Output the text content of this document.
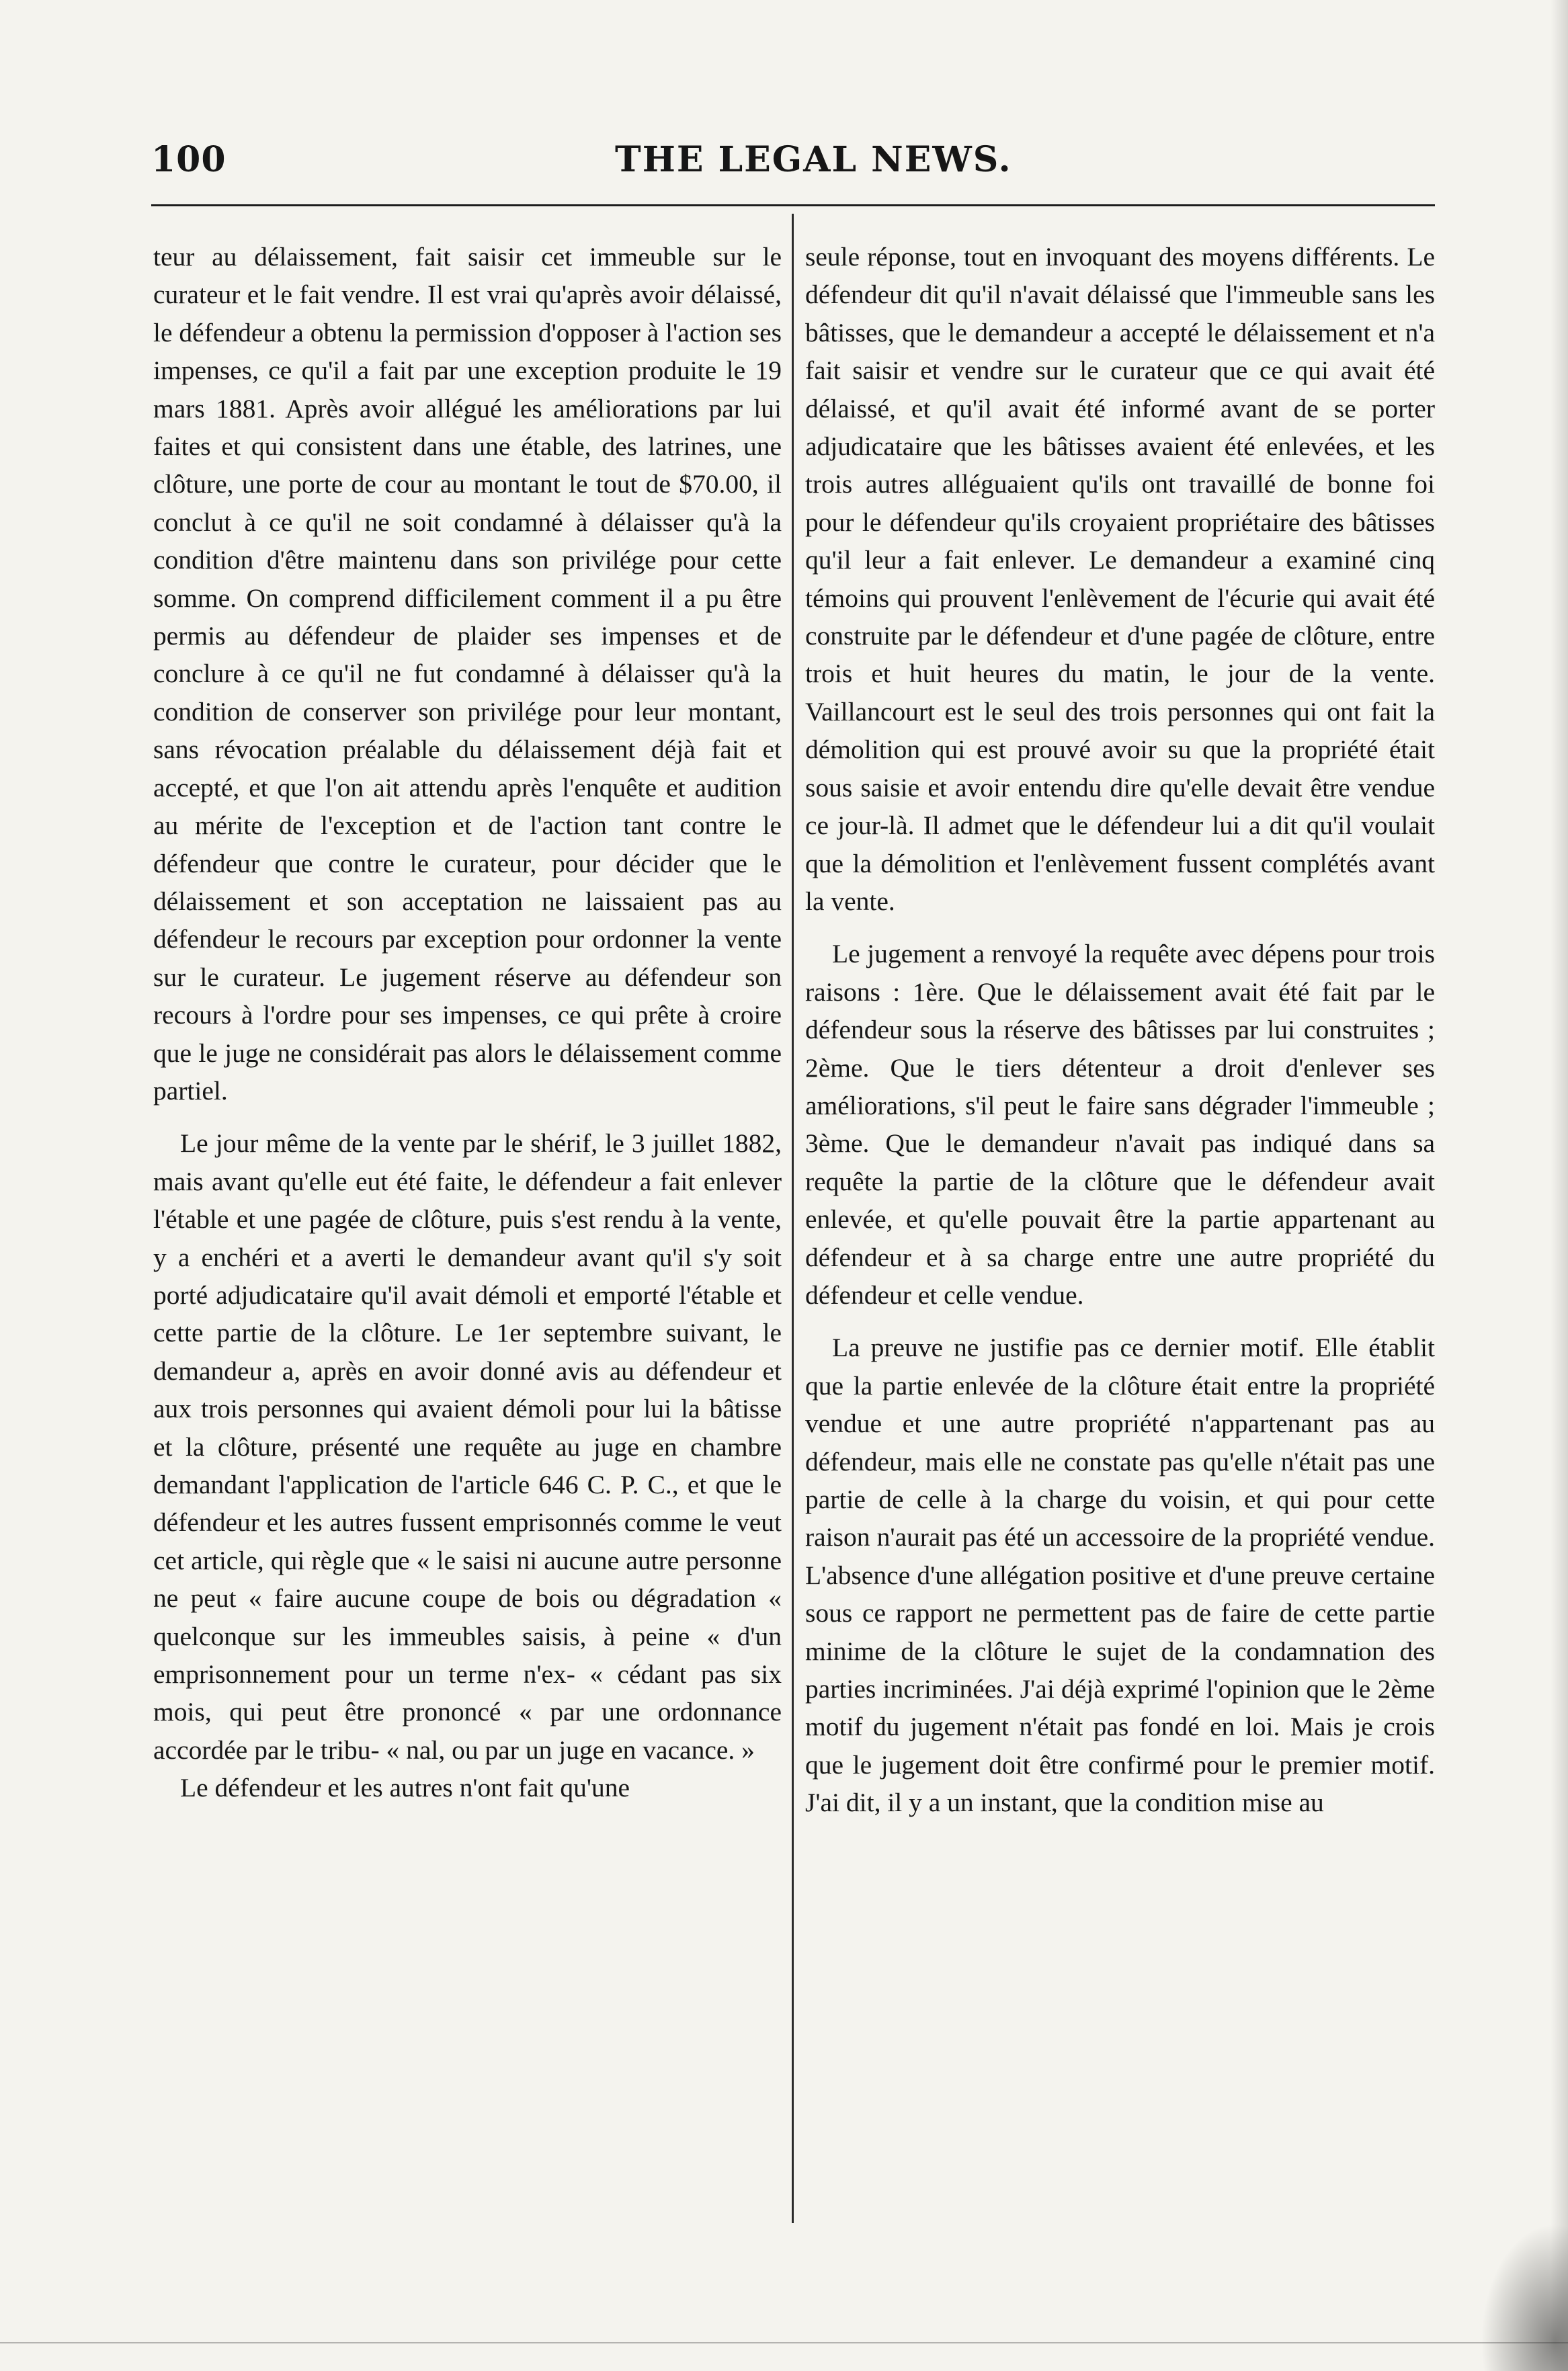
100	THE LEGAL NEWS.

teur au délaissement, fait saisir cet immeuble sur le curateur et le fait vendre. Il est vrai qu'après avoir délaissé, le défendeur a obtenu la permission d'opposer à l'action ses impenses, ce qu'il a fait par une exception produite le 19 mars 1881. Après avoir allégué les améliorations par lui faites et qui consistent dans une étable, des latrines, une clôture, une porte de cour au montant le tout de $70.00, il conclut à ce qu'il ne soit condamné à délaisser qu'à la condition d'être maintenu dans son privilége pour cette somme. On comprend difficilement comment il a pu être permis au défendeur de plaider ses impenses et de conclure à ce qu'il ne fut condamné à délaisser qu'à la condition de conserver son privilége pour leur montant, sans révocation préalable du délaissement déjà fait et accepté, et que l'on ait attendu après l'enquête et audition au mérite de l'exception et de l'action tant contre le défendeur que contre le curateur, pour décider que le délaissement et son acceptation ne laissaient pas au défendeur le recours par exception pour ordonner la vente sur le curateur. Le jugement réserve au défendeur son recours à l'ordre pour ses impenses, ce qui prête à croire que le juge ne considérait pas alors le délaissement comme partiel.

Le jour même de la vente par le shérif, le 3 juillet 1882, mais avant qu'elle eut été faite, le défendeur a fait enlever l'étable et une pagée de clôture, puis s'est rendu à la vente, y a enchéri et a averti le demandeur avant qu'il s'y soit porté adjudicataire qu'il avait démoli et emporté l'étable et cette partie de la clôture. Le 1er septembre suivant, le demandeur a, après en avoir donné avis au défendeur et aux trois personnes qui avaient démoli pour lui la bâtisse et la clôture, présenté une requête au juge en chambre demandant l'application de l'article 646 C. P. C., et que le défendeur et les autres fussent emprisonnés comme le veut cet article, qui règle que « le saisi ni aucune autre personne ne peut « faire aucune coupe de bois ou dégradation « quelconque sur les immeubles saisis, à peine « d'un emprisonnement pour un terme n'ex- « cédant pas six mois, qui peut être prononcé « par une ordonnance accordée par le tribu- « nal, ou par un juge en vacance. »

Le défendeur et les autres n'ont fait qu'une

seule réponse, tout en invoquant des moyens différents. Le défendeur dit qu'il n'avait délaissé que l'immeuble sans les bâtisses, que le demandeur a accepté le délaissement et n'a fait saisir et vendre sur le curateur que ce qui avait été délaissé, et qu'il avait été informé avant de se porter adjudicataire que les bâtisses avaient été enlevées, et les trois autres alléguaient qu'ils ont travaillé de bonne foi pour le défendeur qu'ils croyaient propriétaire des bâtisses qu'il leur a fait enlever. Le demandeur a examiné cinq témoins qui prouvent l'enlèvement de l'écurie qui avait été construite par le défendeur et d'une pagée de clôture, entre trois et huit heures du matin, le jour de la vente. Vaillancourt est le seul des trois personnes qui ont fait la démolition qui est prouvé avoir su que la propriété était sous saisie et avoir entendu dire qu'elle devait être vendue ce jour-là. Il admet que le défendeur lui a dit qu'il voulait que la démolition et l'enlèvement fussent complétés avant la vente.

Le jugement a renvoyé la requête avec dépens pour trois raisons : 1ère. Que le délaissement avait été fait par le défendeur sous la réserve des bâtisses par lui construites ; 2ème. Que le tiers détenteur a droit d'enlever ses améliorations, s'il peut le faire sans dégrader l'immeuble ; 3ème. Que le demandeur n'avait pas indiqué dans sa requête la partie de la clôture que le défendeur avait enlevée, et qu'elle pouvait être la partie appartenant au défendeur et à sa charge entre une autre propriété du défendeur et celle vendue.

La preuve ne justifie pas ce dernier motif. Elle établit que la partie enlevée de la clôture était entre la propriété vendue et une autre propriété n'appartenant pas au défendeur, mais elle ne constate pas qu'elle n'était pas une partie de celle à la charge du voisin, et qui pour cette raison n'aurait pas été un accessoire de la propriété vendue. L'absence d'une allégation positive et d'une preuve certaine sous ce rapport ne permettent pas de faire de cette partie minime de la clôture le sujet de la condamnation des parties incriminées. J'ai déjà exprimé l'opinion que le 2ème motif du jugement n'était pas fondé en loi. Mais je crois que le jugement doit être confirmé pour le premier motif. J'ai dit, il y a un instant, que la condition mise au
